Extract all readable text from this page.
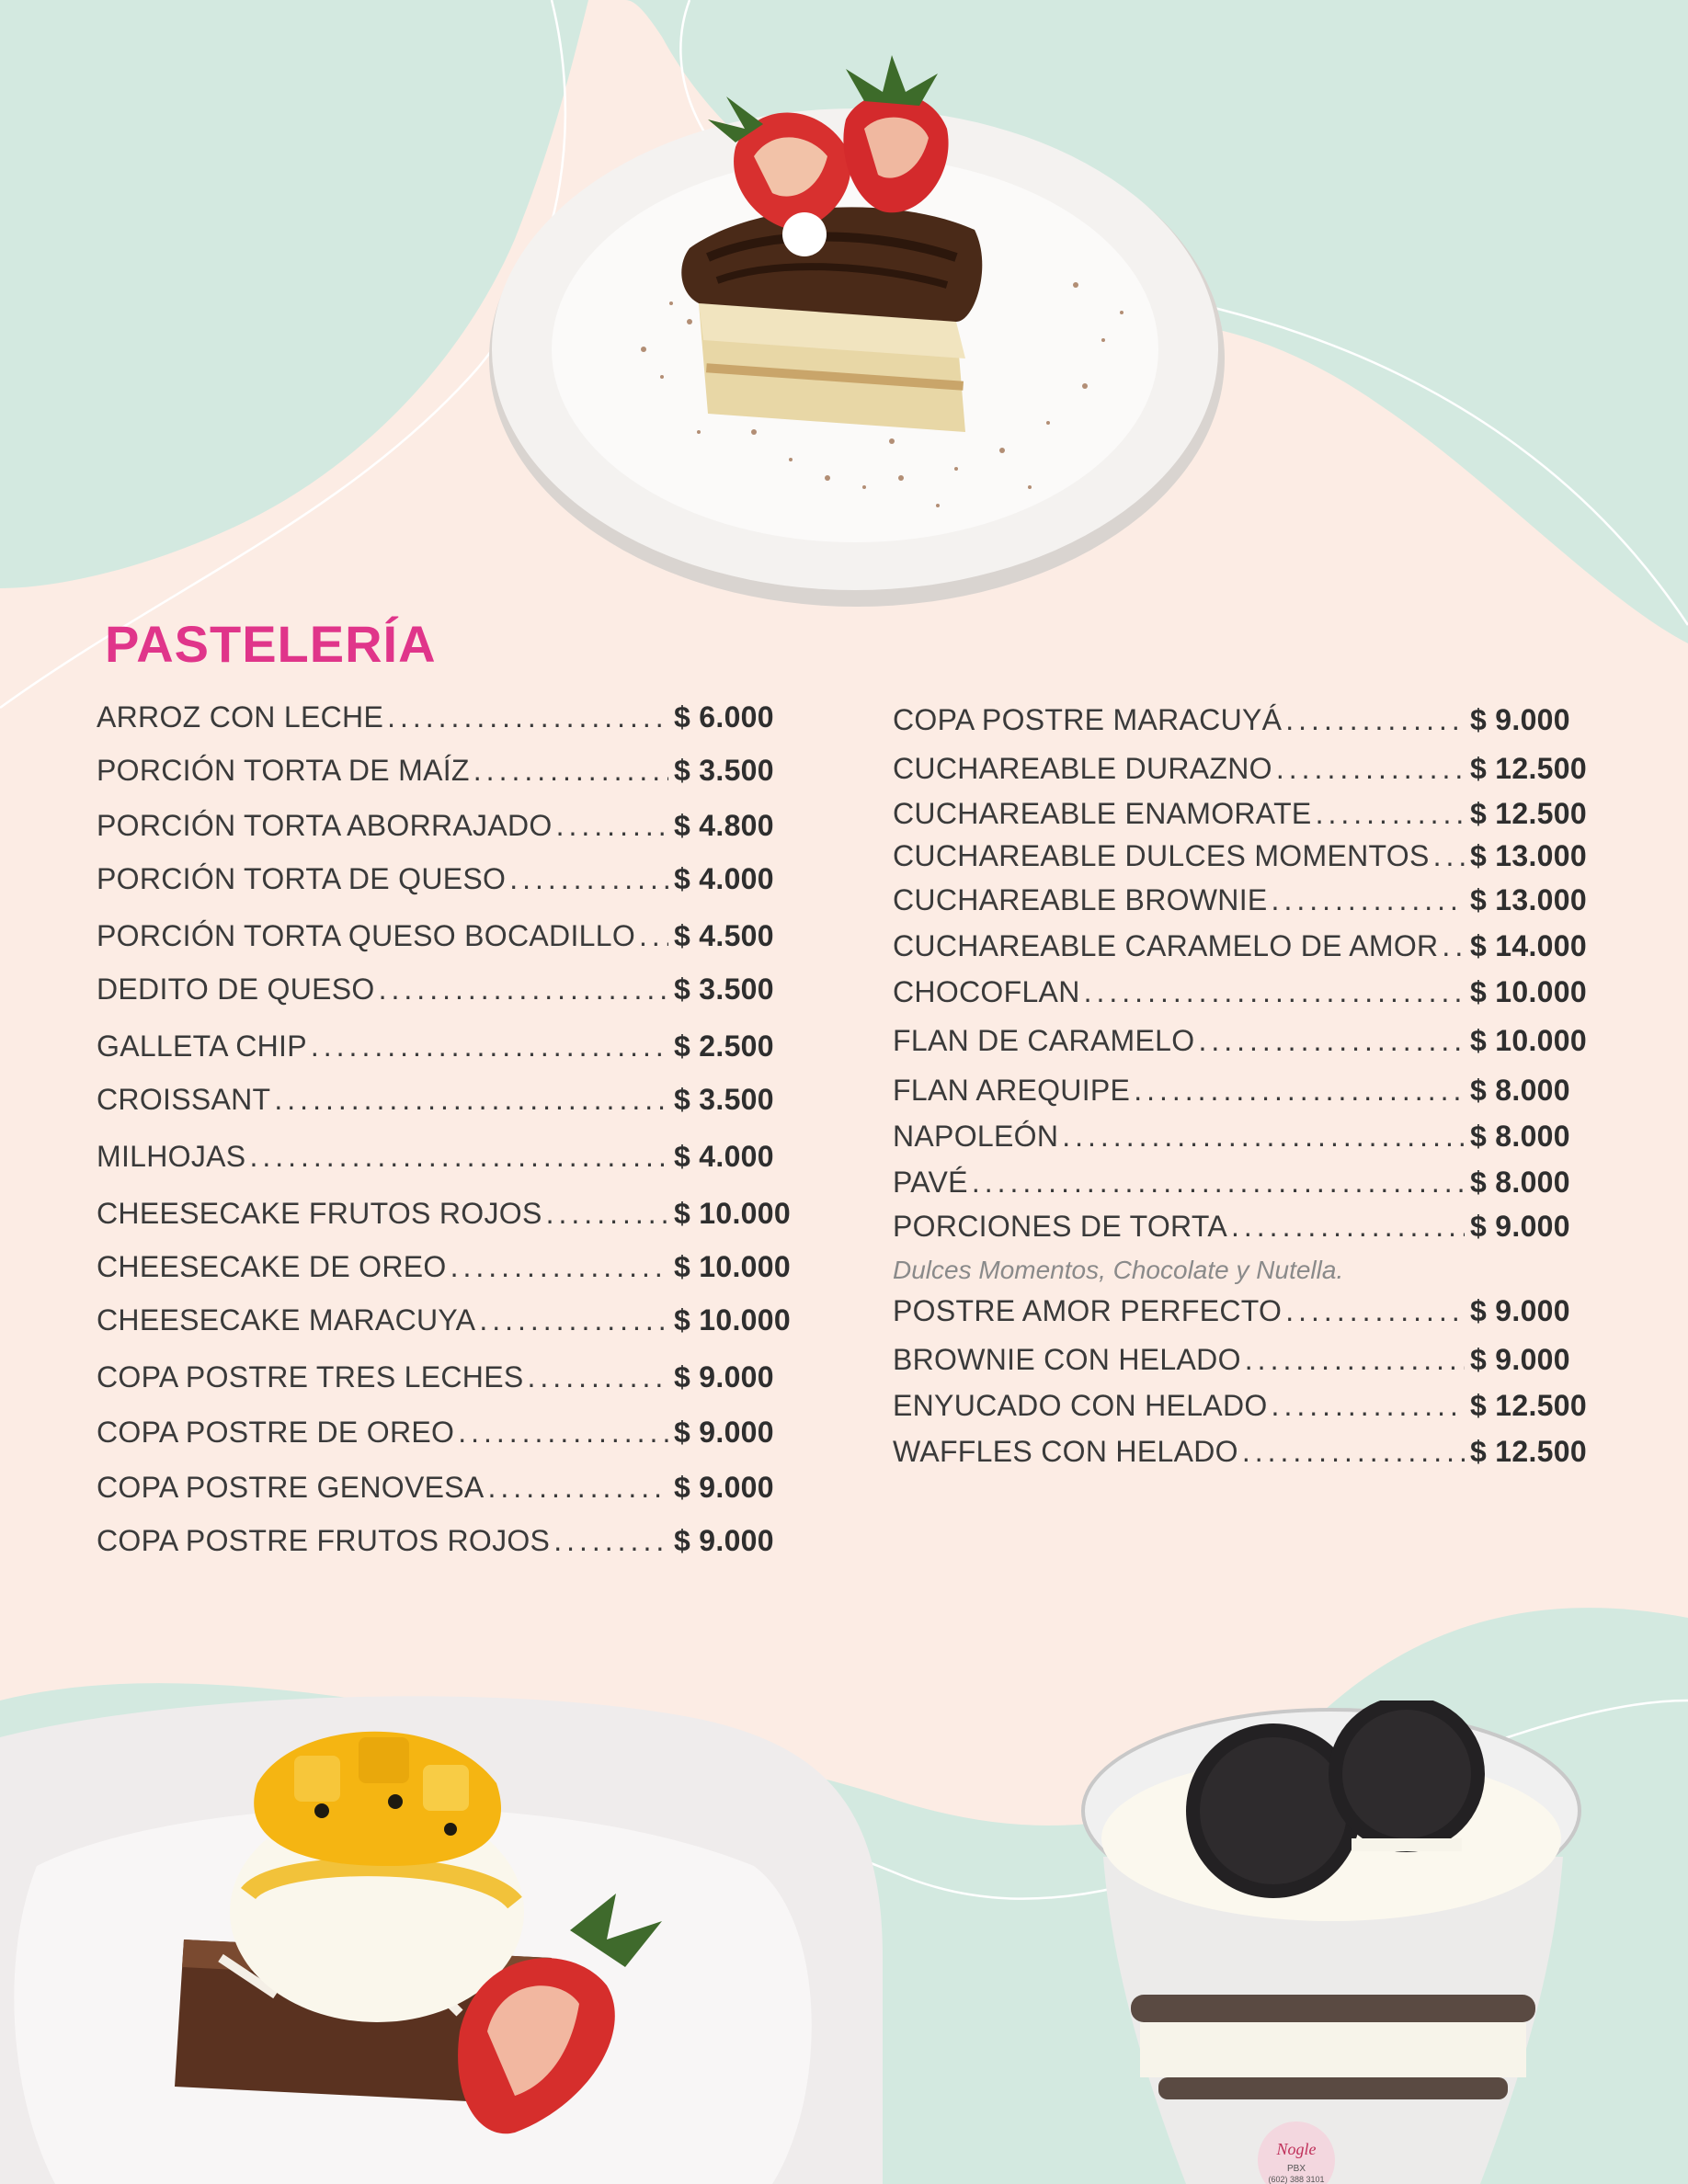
PASTELERÍA
ARROZ CON LECHE .....	$ 6.000
PORCIÓN TORTA DE MAÍZ .....	$ 3.500
PORCIÓN TORTA ABORRAJADO .....	$ 4.800
PORCIÓN TORTA DE QUESO .....	$ 4.000
PORCIÓN TORTA QUESO BOCADILLO ..... $ 4.500
DEDITO DE QUESO .....	$ 3.500
GALLETA CHIP .....	$ 2.500
CROISSANT .....	$ 3.500
MILHOJAS .....	$ 4.000
CHEESECAKE FRUTOS ROJOS .....	$ 10.000
CHEESECAKE DE OREO .....	$ 10.000
CHEESECAKE MARACUYA .....	$ 10.000
COPA POSTRE TRES LECHES .....	$ 9.000
COPA POSTRE DE OREO .....	$ 9.000
COPA POSTRE GENOVESA .....	$ 9.000
COPA POSTRE FRUTOS ROJOS .....	$ 9.000
COPA POSTRE MARACUYÁ .....	$ 9.000
CUCHAREABLE DURAZNO .....	$ 12.500
CUCHAREABLE ENAMORATE .....	$ 12.500
CUCHAREABLE DULCES MOMENTOS ..... $ 13.000
CUCHAREABLE BROWNIE .....	$ 13.000
CUCHAREABLE CARAMELO DE AMOR ..... $ 14.000
CHOCOFLAN .....	$ 10.000
FLAN DE CARAMELO .....	$ 10.000
FLAN AREQUIPE .....	$ 8.000
NAPOLEÓN .....	$ 8.000
PAVÉ .....	$ 8.000
PORCIONES DE TORTA .....	$ 9.000
Dulces Momentos, Chocolate y Nutella.
POSTRE AMOR PERFECTO .....	$ 9.000
BROWNIE CON HELADO .....	$ 9.000
ENYUCADO CON HELADO .....	$ 12.500
WAFFLES CON HELADO .....	$ 12.500
Nogle
PBX
(602) 388 3101
